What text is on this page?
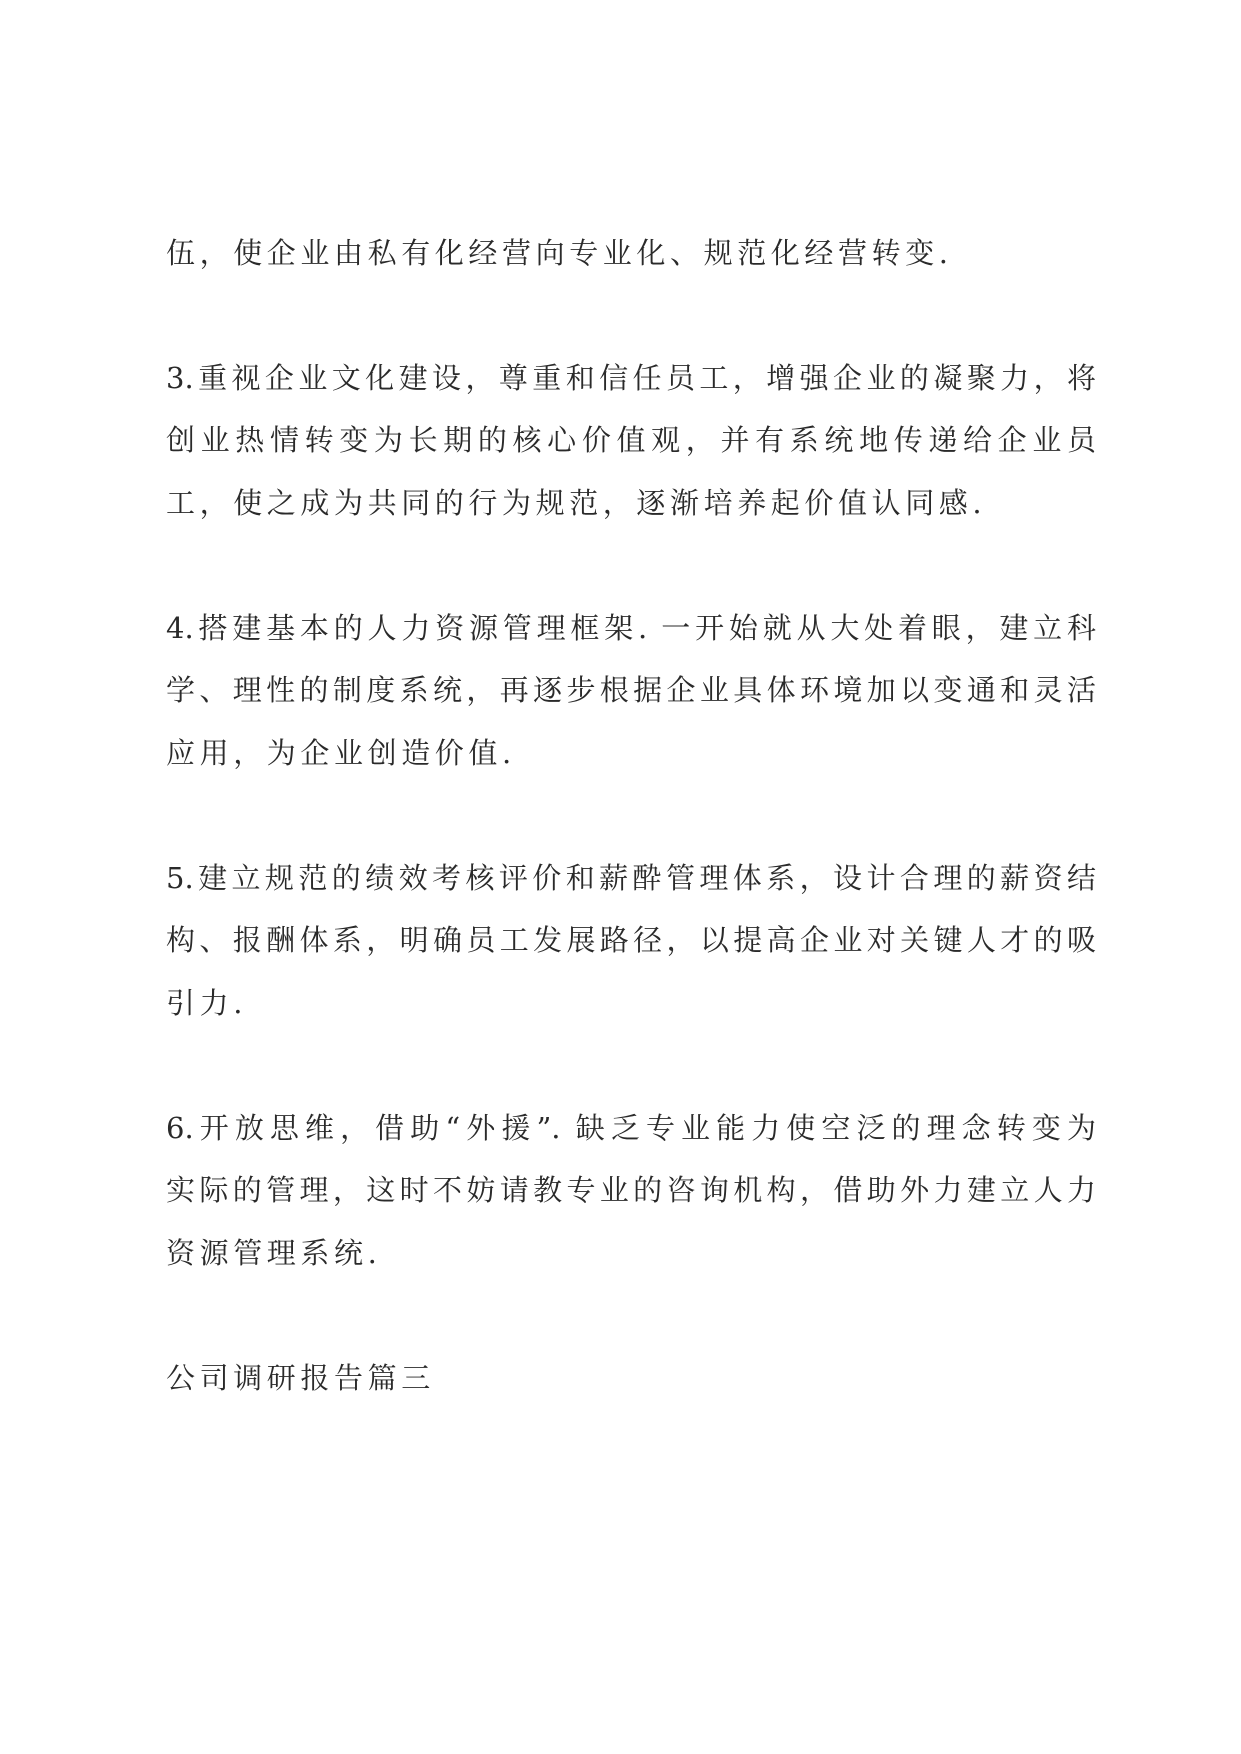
伍，使企业由私有化经营向专业化、规范化经营转变.
3.重视企业文化建设，尊重和信任员工，增强企业的凝聚力，将
创业热情转变为长期的核心价值观，并有系统地传递给企业员
工，使之成为共同的行为规范，逐渐培养起价值认同感.
4.搭建基本的人力资源管理框架. 一开始就从大处着眼，建立科
学、理性的制度系统，再逐步根据企业具体环境加以变通和灵活
应用，为企业创造价值.
5.建立规范的绩效考核评价和薪酔管理体系，设计合理的薪资结
构、报酬体系，明确员工发展路径，以提高企业对关键人才的吸
引力.
6.开放思维，借助“外援”. 缺乏专业能力使空泛的理念转变为
实际的管理，这时不妨请教专业的咨询机构，借助外力建立人力
资源管理系统.
公司调研报告篇三
